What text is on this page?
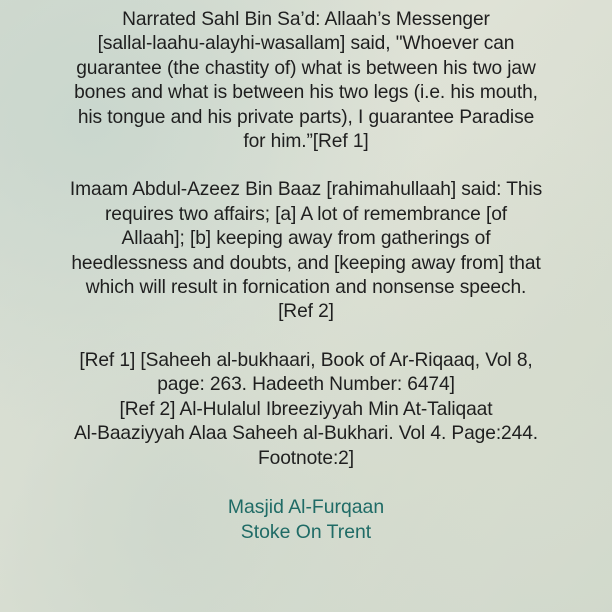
Narrated Sahl Bin Sa’d: Allaah’s Messenger

[sallal-laahu-alayhi-wasallam] said, "Whoever can

guarantee (the chastity of) what is between his two jaw

bones and what is between his two legs (i.e. his mouth,

his tongue and his private parts), I guarantee Paradise

for him.”[Ref 1]

Imaam Abdul-Azeez Bin Baaz [rahimahullaah] said: This

requires two affairs; [a] A lot of remembrance [of

Allaah]; [b] keeping away from gatherings of

heedlessness and doubts, and [keeping away from] that

which will result in fornication and nonsense speech.

[Ref 2]

[Ref 1] [Saheeh al-bukhaari, Book of Ar-Riqaaq, Vol 8,

page: 263. Hadeeth Number: 6474]

[Ref 2] Al-Hulalul Ibreeziyyah Min At-Taliqaat

Al-Baaziyyah Alaa Saheeh al-Bukhari. Vol 4. Page:244.

Footnote:2]

Masjid Al-Furqaan

Stoke On Trent
